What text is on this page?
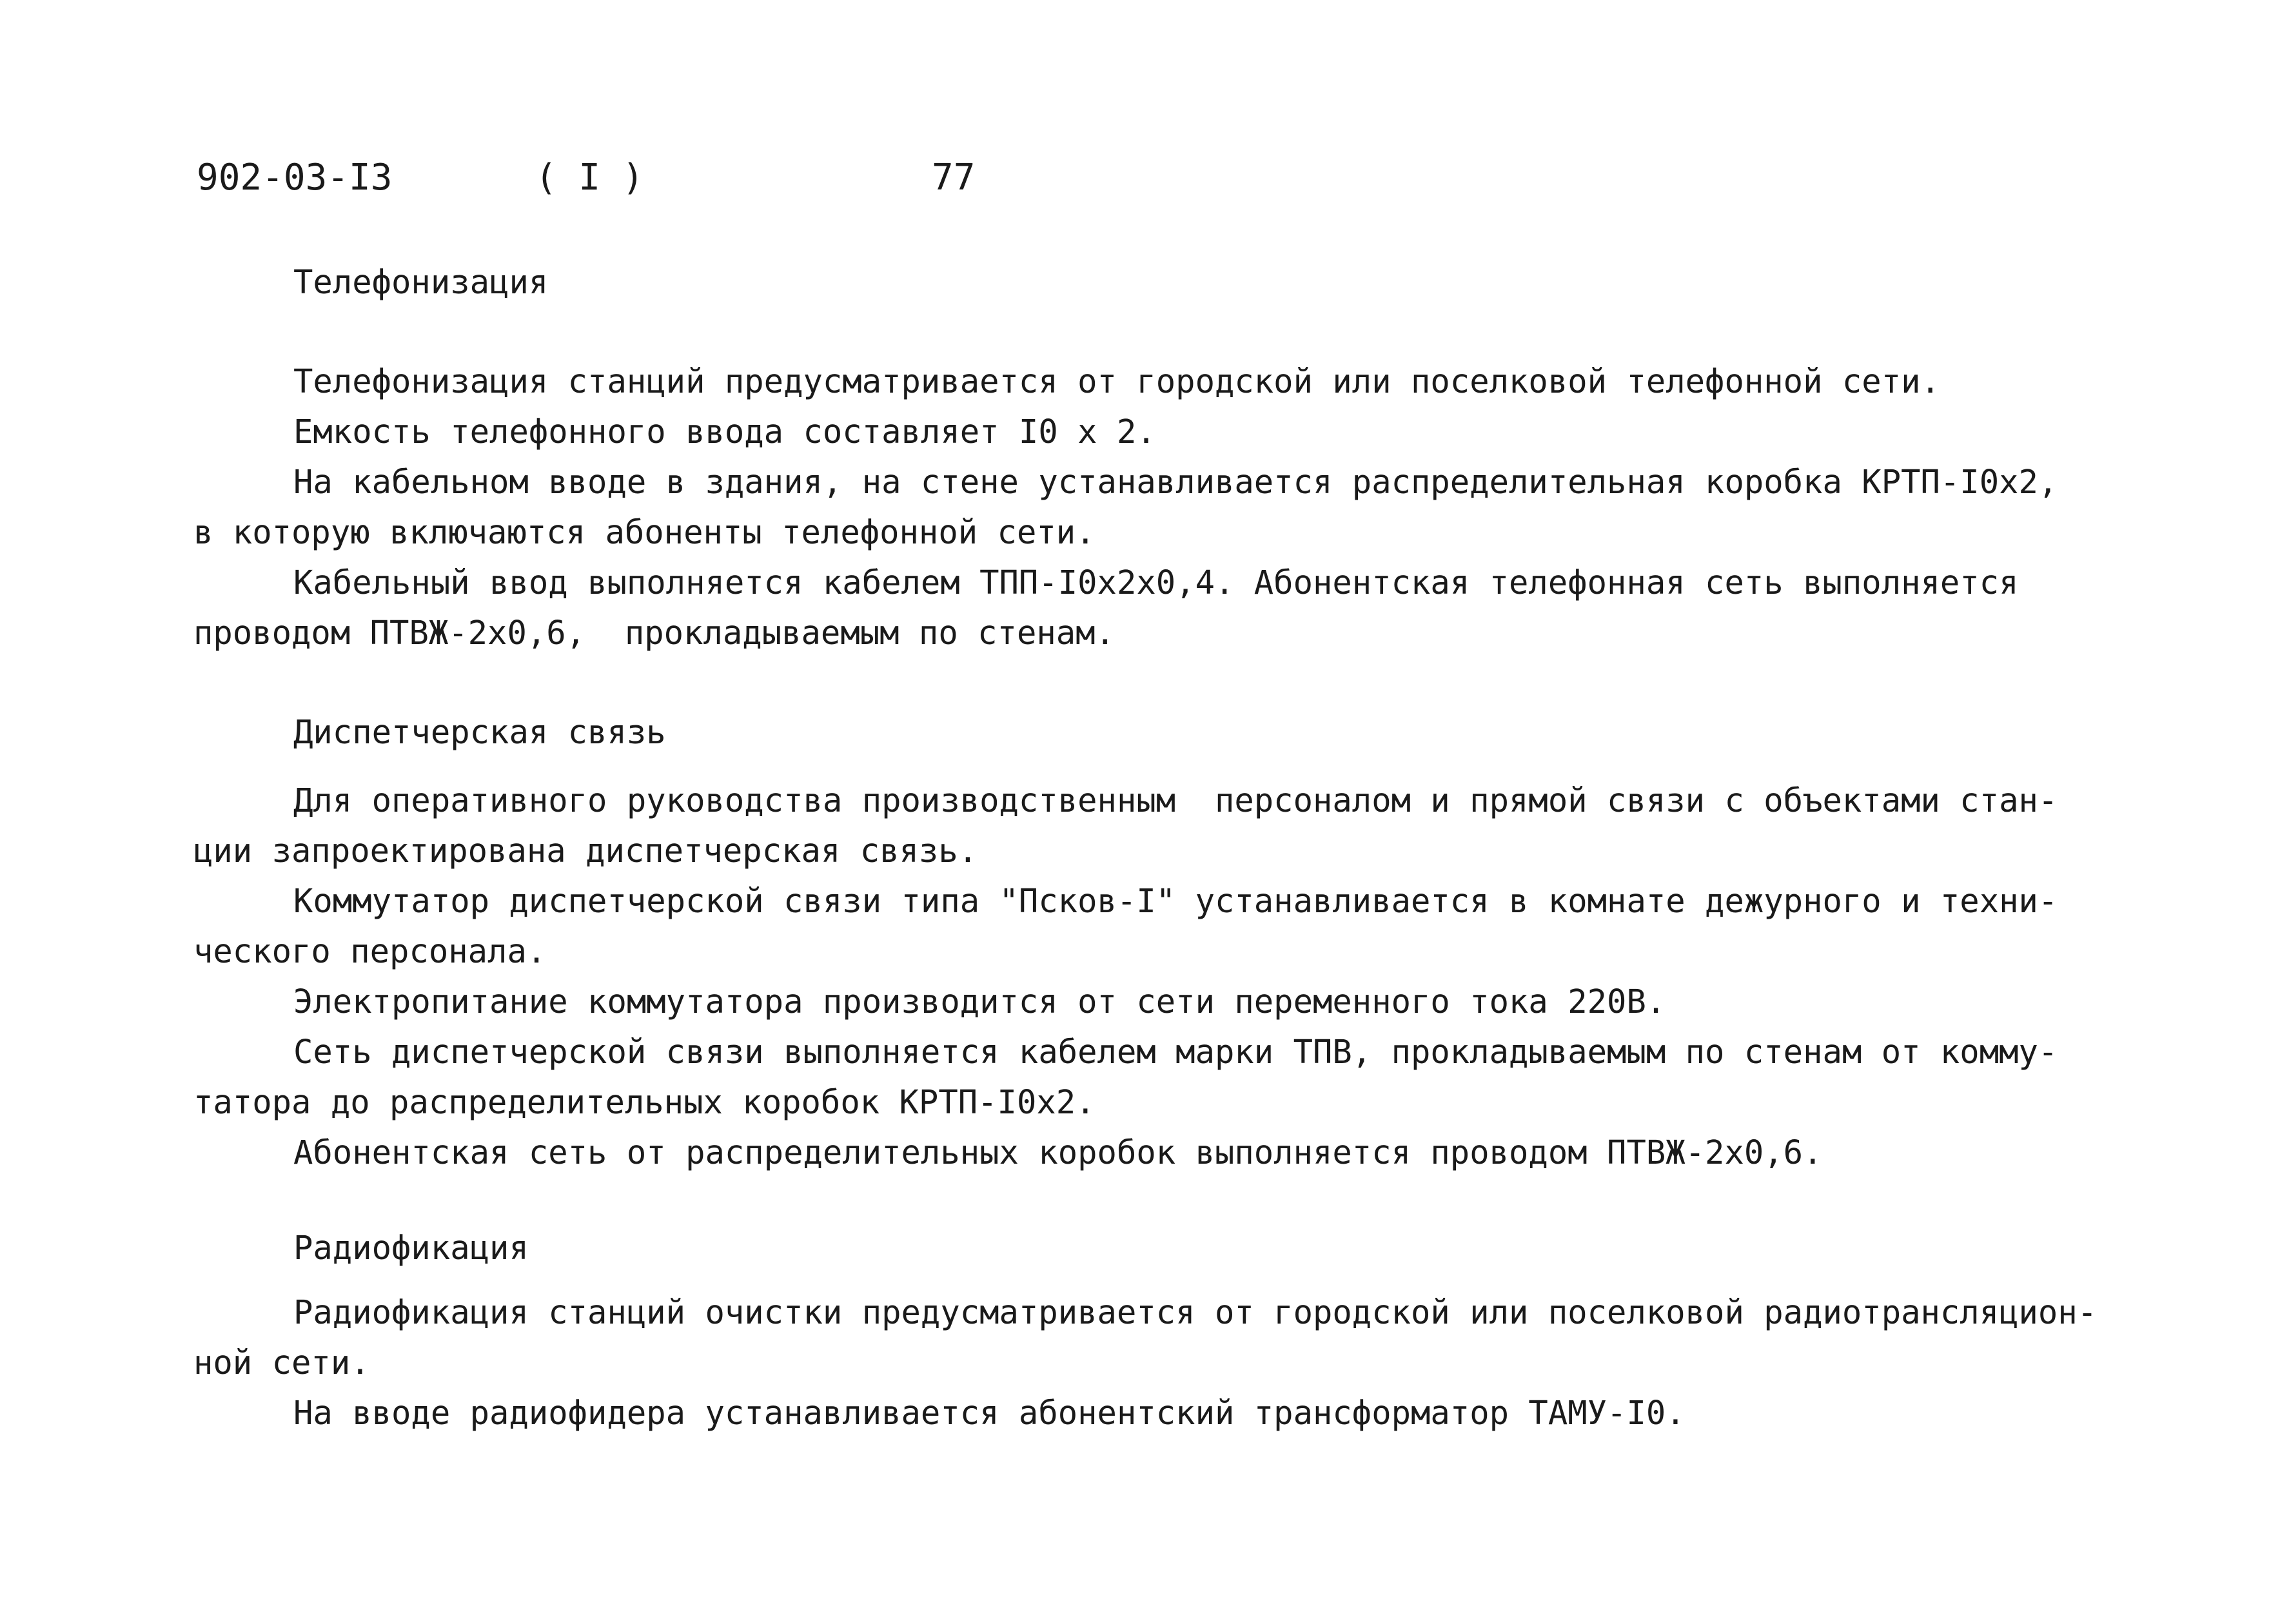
902-03-I3	( I )	77
Телефонизация
Телефонизация станций предусматривается от городской или поселковой телефонной сети.
Емкость телефонного ввода составляет I0 х 2.
На кабельном вводе в здания, на стене устанавливается распределительная коробка КРТП-I0х2,
в которую включаются абоненты телефонной сети.
Кабельный ввод выполняется кабелем ТПП-I0х2х0,4. Абонентская телефонная сеть выполняется
проводом ПТВЖ-2х0,6,  прокладываемым по стенам.
Диспетчерская связь
Для оперативного руководства производственным  персоналом и прямой связи с объектами стан-
ции запроектирована диспетчерская связь.
Коммутатор диспетчерской связи типа "Псков-I" устанавливается в комнате дежурного и техни-
ческого персонала.
Электропитание коммутатора производится от сети переменного тока 220В.
Сеть диспетчерской связи выполняется кабелем марки ТПВ, прокладываемым по стенам от комму-
татора до распределительных коробок КРТП-I0х2.
Абонентская сеть от распределительных коробок выполняется проводом ПТВЖ-2х0,6.
Радиофикация
Радиофикация станций очистки предусматривается от городской или поселковой радиотрансляцион-
ной сети.
На вводе радиофидера устанавливается абонентский трансформатор ТАМУ-I0.
